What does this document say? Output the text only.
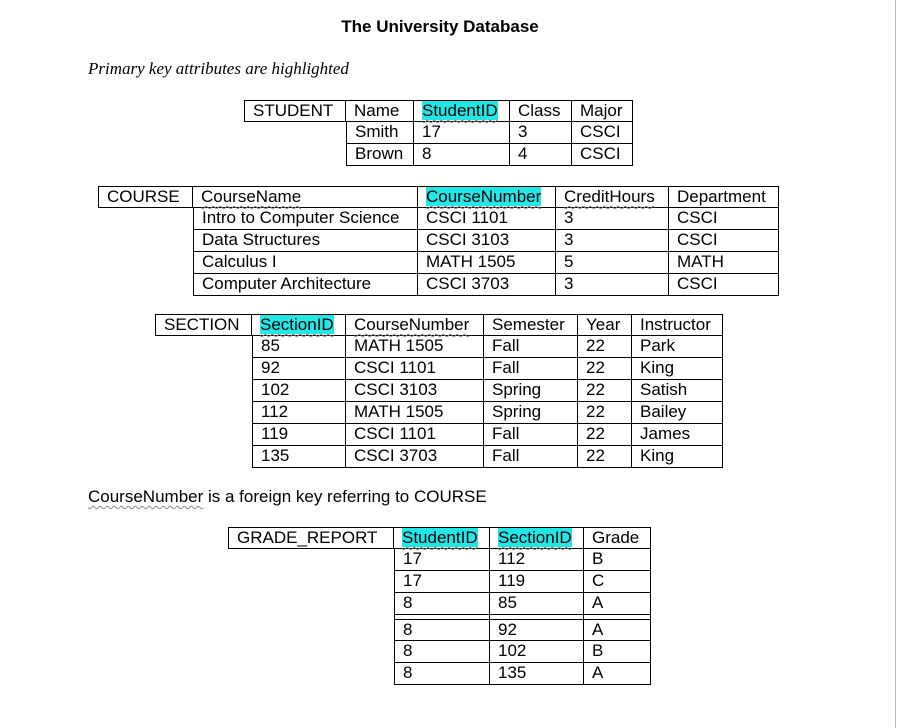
The University Database
Primary key attributes are highlighted
STUDENT	Name	StudentID	Class	Major
Smith	17	3	CSCI
Brown	8	4	CSCI
COURSE	CourseName	CourseNumber	CreditHours	Department
Intro to Computer Science	CSCI 1101	3	CSCI
Data Structures	CSCI 3103	3	CSCI
Calculus I	MATH 1505	5	MATH
Computer Architecture	CSCI 3703	3	CSCI
SECTION	SectionID	CourseNumber	Semester	Year	Instructor
85	MATH 1505	Fall	22	Park
92	CSCI 1101	Fall	22	King
102	CSCI 3103	Spring	22	Satish
112	MATH 1505	Spring	22	Bailey
119	CSCI 1101	Fall	22	James
135	CSCI 3703	Fall	22	King
CourseNumber is a foreign key referring to COURSE
GRADE_REPORT	StudentID	SectionID	Grade
17	112	B
17	119	C
8	85	A
8	92	A
8	102	B
8	135	A
